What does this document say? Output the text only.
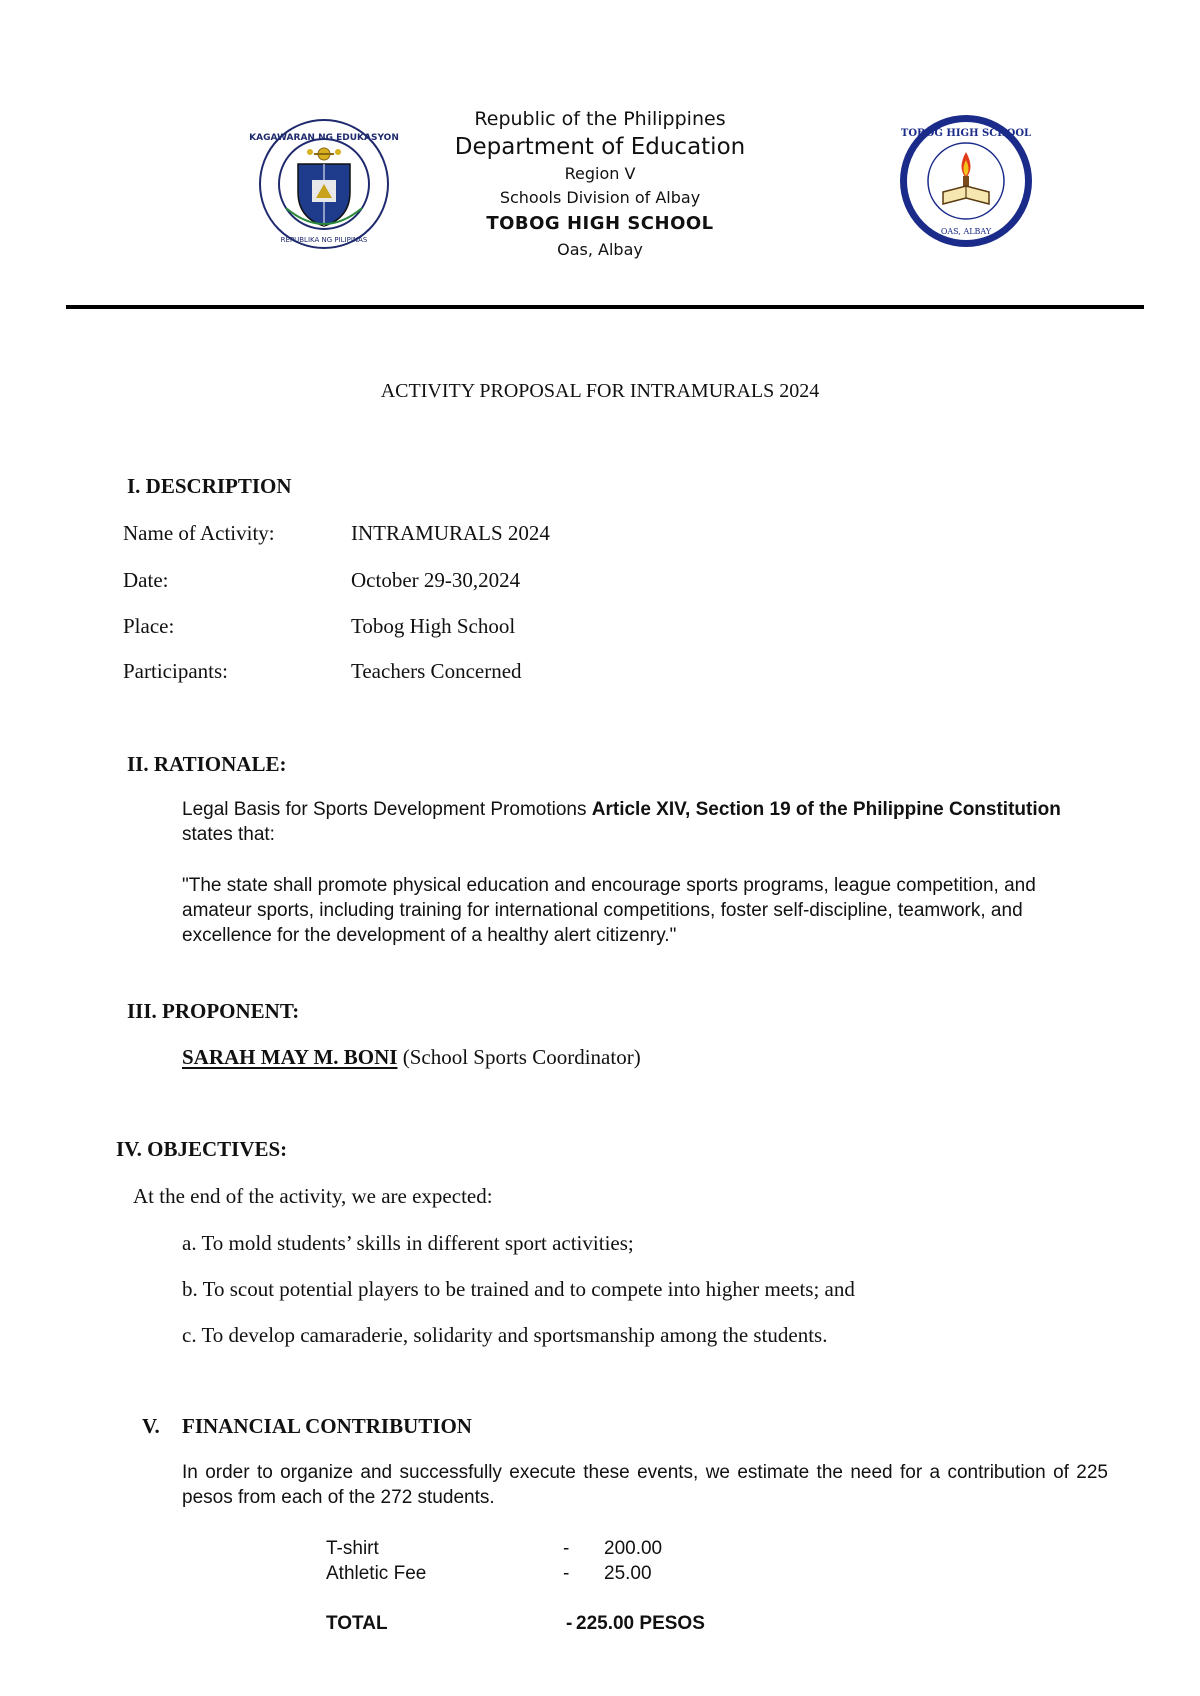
KAGAWARAN NG EDUKASYON
REPUBLIKA NG PILIPINAS
Republic of the Philippines
Department of Education
Region V
Schools Division of Albay
TOBOG HIGH SCHOOL
Oas, Albay
TOBOG HIGH SCHOOL
OAS, ALBAY
ACTIVITY PROPOSAL FOR INTRAMURALS 2024
I. DESCRIPTION
Name of Activity:	INTRAMURALS 2024
Date:	October 29-30,2024
Place:	Tobog High School
Participants:	Teachers Concerned
II. RATIONALE:
Legal Basis for Sports Development Promotions Article XIV, Section 19 of the Philippine Constitution states that:
"The state shall promote physical education and encourage sports programs, league competition, and amateur sports, including training for international competitions, foster self-discipline, teamwork, and excellence for the development of a healthy alert citizenry."
III. PROPONENT:
SARAH MAY M. BONI (School Sports Coordinator)
IV. OBJECTIVES:
At the end of the activity, we are expected:
a. To mold students’ skills in different sport activities;
b. To scout potential players to be trained and to compete into higher meets; and
c. To develop camaraderie, solidarity and sportsmanship among the students.
V. FINANCIAL CONTRIBUTION
In order to organize and successfully execute these events, we estimate the need for a contribution of 225 pesos from each of the 272 students.
T-shirt	- 200.00
Athletic Fee	- 25.00
TOTAL	- 225.00 PESOS
